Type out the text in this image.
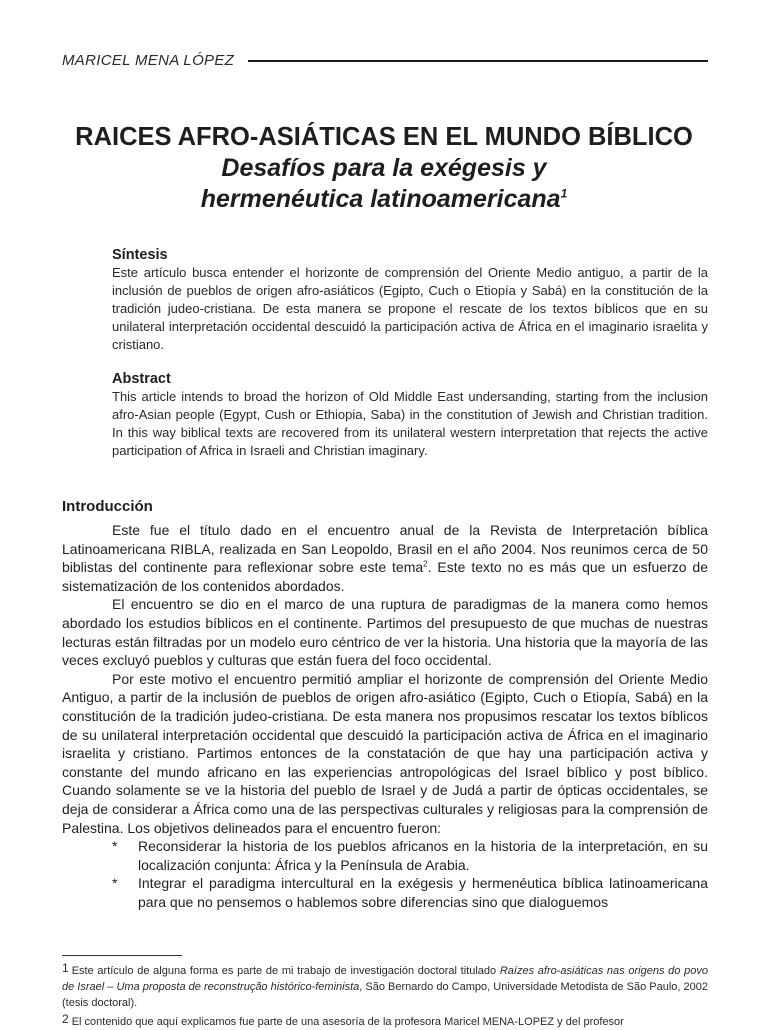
MARICEL MENA LÓPEZ
RAICES AFRO-ASIÁTICAS EN EL MUNDO BÍBLICO
Desafíos para la exégesis y
hermenéutica latinoamericana$^1$
Síntesis

Este artículo busca entender el horizonte de comprensión del Oriente Medio antiguo, a partir de la inclusión de pueblos de origen afro-asiáticos (Egipto, Cuch o Etiopía y Sabá) en la constitución de la tradición judeo-cristiana. De esta manera se propone el rescate de los textos bíblicos que en su unilateral interpretación occidental descuidó la participación activa de África en el imaginario israelita y cristiano.

Abstract

This article intends to broad the horizon of Old Middle East undersanding, starting from the inclusion afro-Asian people (Egypt, Cush or Ethiopia, Saba) in the constitution of Jewish and Christian tradition. In this way biblical texts are recovered from its unilateral western interpretation that rejects the active participation of Africa in Israeli and Christian imaginary.

Introducción

Este fue el título dado en el encuentro anual de la Revista de Interpretación bíblica Latinoamericana RIBLA, realizada en San Leopoldo, Brasil en el año 2004. Nos reunimos cerca de 50 biblistas del continente para reflexionar sobre este tema$^2$. Este texto no es más que un esfuerzo de sistematización de los contenidos abordados.

El encuentro se dio en el marco de una ruptura de paradigmas de la manera como hemos abordado los estudios bíblicos en el continente. Partimos del presupuesto de que muchas de nuestras lecturas están filtradas por un modelo euro céntrico de ver la historia. Una historia que la mayoría de las veces excluyó pueblos y culturas que están fuera del foco occidental.

Por este motivo el encuentro permitió ampliar el horizonte de comprensión del Oriente Medio Antiguo, a partir de la inclusión de pueblos de origen afro-asiático (Egipto, Cuch o Etiopía, Sabá) en la constitución de la tradición judeo-cristiana. De esta manera nos propusimos rescatar los textos bíblicos de su unilateral interpretación occidental que descuidó la participación activa de África en el imaginario israelita y cristiano. Partimos entonces de la constatación de que hay una participación activa y constante del mundo africano en las experiencias antropológicas del Israel bíblico y post bíblico. Cuando solamente se ve la historia del pueblo de Israel y de Judá a partir de ópticas occidentales, se deja de considerar a África como una de las perspectivas culturales y religiosas para la comprensión de Palestina. Los objetivos delineados para el encuentro fueron:

* Reconsiderar la historia de los pueblos africanos en la historia de la interpretación, en su localización conjunta: África y la Península de Arabia.
* Integrar el paradigma intercultural en la exégesis y hermenéutica bíblica latinoamericana para que no pensemos o hablemos sobre diferencias sino que dialoguemos

1 Este artículo de alguna forma es parte de mi trabajo de investigación doctoral titulado Raízes afro-asiáticas nas origens do povo de Israel – Uma proposta de reconstrução histórico-feminista, São Bernardo do Campo, Universidade Metodista de São Paulo, 2002 (tesis doctoral).

2 El contenido que aquí explicamos fue parte de una asesoría de la profesora Maricel MENA-LOPEZ y del profesor
